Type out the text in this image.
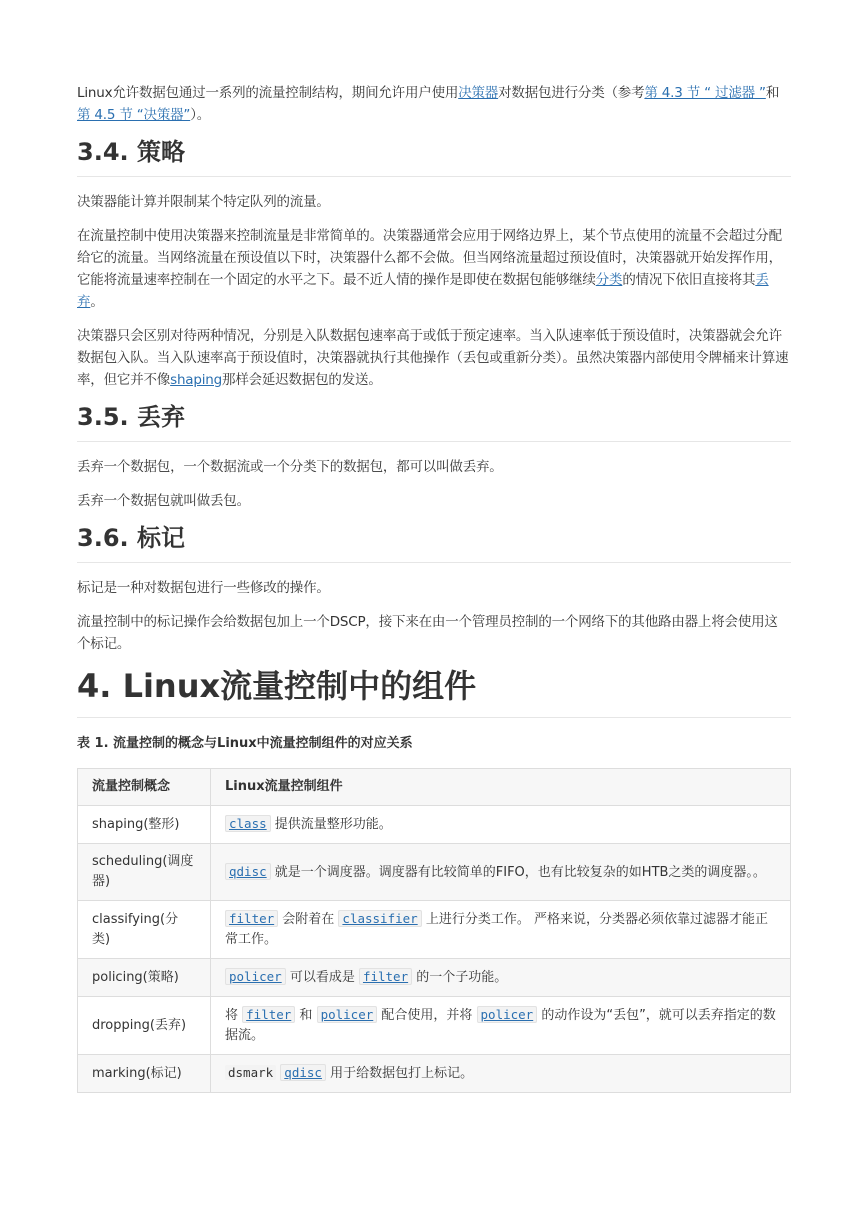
Linux允许数据包通过一系列的流量控制结构，期间允许用户使用决策器对数据包进行分类（参考第 4.3 节 “ 过滤器 ”和第 4.5 节 “决策器”）。

3.4. 策略

决策器能计算并限制某个特定队列的流量。

在流量控制中使用决策器来控制流量是非常简单的。决策器通常会应用于网络边界上，某个节点使用的流量不会超过分配给它的流量。当网络流量在预设值以下时，决策器什么都不会做。但当网络流量超过预设值时，决策器就开始发挥作用，它能将流量速率控制在一个固定的水平之下。最不近人情的操作是即使在数据包能够继续分类的情况下依旧直接将其丢弃。

决策器只会区别对待两种情况，分别是入队数据包速率高于或低于预定速率。当入队速率低于预设值时，决策器就会允许数据包入队。当入队速率高于预设值时，决策器就执行其他操作（丢包或重新分类）。虽然决策器内部使用令牌桶来计算速率，但它并不像shaping那样会延迟数据包的发送。

3.5. 丢弃

丢弃一个数据包，一个数据流或一个分类下的数据包，都可以叫做丢弃。

丢弃一个数据包就叫做丢包。

3.6. 标记

标记是一种对数据包进行一些修改的操作。

流量控制中的标记操作会给数据包加上一个DSCP，接下来在由一个管理员控制的一个网络下的其他路由器上将会使用这个标记。

4. Linux流量控制中的组件
表 1. 流量控制的概念与Linux中流量控制组件的对应关系
流量控制概念	Linux流量控制组件
shaping(整形)	class 提供流量整形功能。
scheduling(调度器)	qdisc 就是一个调度器。调度器有比较简单的FIFO，也有比较复杂的如HTB之类的调度器。。
classifying(分类)	filter 会附着在 classifier 上进行分类工作。 严格来说，分类器必须依靠过滤器才能正常工作。
policing(策略)	policer 可以看成是 filter 的一个子功能。
dropping(丢弃)	将 filter 和 policer 配合使用，并将 policer 的动作设为“丢包”，就可以丢弃指定的数据流。
marking(标记)	dsmark qdisc 用于给数据包打上标记。
